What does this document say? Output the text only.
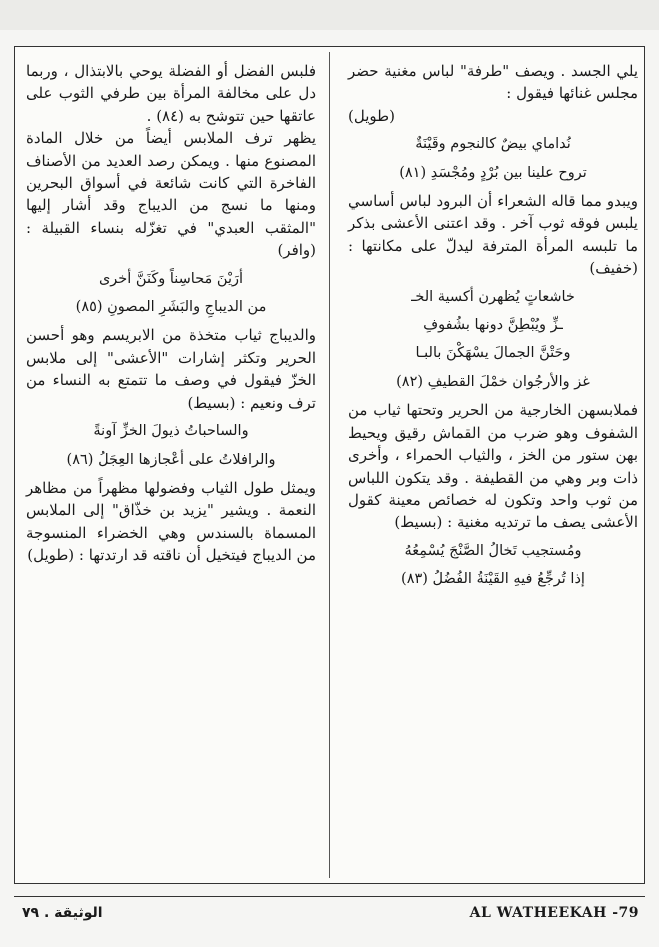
يلي الجسد . ويصف "طرفة" لباس مغنية حضر مجلس غنائها فيقول :

(طويل)

نُداماي بيضٌ كالنجوم وقَيْنَةٌ

تروح علينا بين بُرْدٍ ومُجْسَدِ (٨١)

ويبدو مما قاله الشعراء أن البرود لباس أساسي يلبس فوقه ثوب آخر . وقد اعتنى الأعشى بذكر ما تلبسه المرأة المترفة ليدلّ على مكانتها : (خفيف)

خاشعاتٍ يُظهرن أكسية الخـ

ـزِّ ويُبْطِنَّ دونها بشُفوفِ

وحَتْنَّ الجمالَ يسْهَكْنَ بالبـا

غز والأرجُوان خمْلَ القطيفِ (٨٢)

فملابسهن الخارجية من الحرير وتحتها ثياب من الشفوف وهو ضرب من القماش رقيق ويحيط بهن ستور من الخز ، والثياب الحمراء ، وأخرى ذات وبر وهي من القطيفة . وقد يتكون اللباس من ثوب واحد وتكون له خصائص معينة كقول الأعشى يصف ما ترتديه مغنية : (بسيط)

ومُستجيب تَخالُ الصَّنْجَ يُسْمِعُهُ

إذا تُرجِّعُ فيهِ القَيْنَةُ الفُضُلُ (٨٣)

فلبس الفضل أو الفضلة يوحي بالابتذال ، وربما دل على مخالفة المرأة بين طرفي الثوب على عاتقها حين تتوشح به (٨٤) .

يظهر ترف الملابس أيضاً من خلال المادة المصنوع منها . ويمكن رصد العديد من الأصناف الفاخرة التي كانت شائعة في أسواق البحرين ومنها ما نسج من الديباج وقد أشار إليها "المثقب العبدي" في تغزّله بنساء القبيلة : (وافر)

أرَيْنَ مَحاسِناً وكَنَنَّ أخرى

من الديباجِ والبَشَرِ المصونِ (٨٥)

والديباج ثياب متخذة من الابريسم وهو أحسن الحرير وتكثر إشارات "الأعشى" إلى ملابس الخزّ فيقول في وصف ما تتمتع به النساء من ترف ونعيم : (بسيط)

والساحباتُ ذيولَ الخزِّ آونةً

والرافلاتُ على أعْجازها العِجَلُ (٨٦)

ويمثل طول الثياب وفضولها مظهراً من مظاهر النعمة . ويشير "يزيد بن خذّاق" إلى الملابس المسماة بالسندس وهي الخضراء المنسوجة من الديباج فيتخيل أن ناقته قد ارتدتها : (طويل)

الوثيقة . ٧٩	AL WATHEEKAH -79
